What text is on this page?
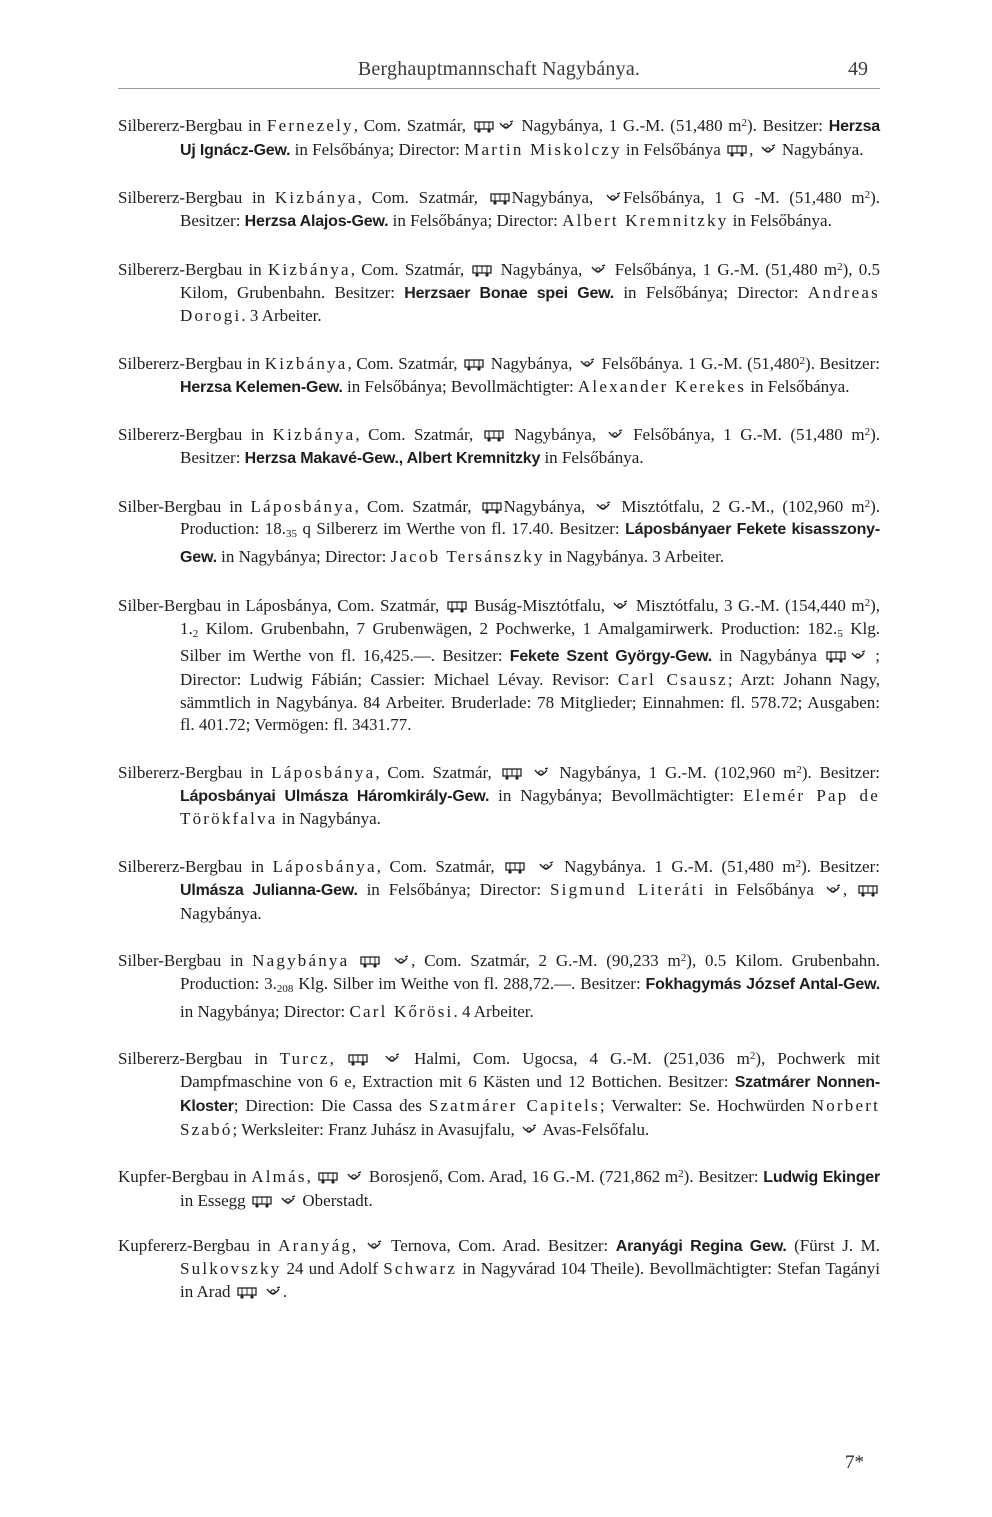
Berghauptmannschaft Nagybánya.	49

Silbererz-Bergbau in Fernezely, Com. Szatmár,	Nagybánya, 1 G.-M. (51,480 $m^2$). Besitzer: Herzsa Uj Ignácz-Gew. in Felsőbánya; Director: Martin Miskolczy in Felsőbánya ,  Nagybánya.

Silbererz-Bergbau in Kizbánya, Com. Szatmár, Nagybánya, Felsőbánya, 1 G -M. (51,480 $m^2$). Besitzer: Herzsa Alajos-Gew. in Felsőbánya; Director: Albert Kremnitzky in Felsőbánya.

Silbererz-Bergbau in Kizbánya, Com. Szatmár,  Nagybánya,  Felsőbánya, 1 G.-M. (51,480 $m^2$), 0.5 Kilom, Grubenbahn. Besitzer: Herzsaer Bonae spei Gew. in Felsőbánya; Director: Andreas Dorogi. 3 Arbeiter.

Silbererz-Bergbau in Kizbánya, Com. Szatmár,  Nagybánya,  Felsőbánya. 1 G.-M. (51,480$^2$). Besitzer: Herzsa Kelemen-Gew. in Felsőbánya; Bevollmächtigter: Alexander Kerekes in Felsőbánya.

Silbererz-Bergbau in Kizbánya, Com. Szatmár,  Nagybánya,  Felsőbánya, 1 G.-M. (51,480 $m^2$). Besitzer: Herzsa Makavé-Gew., Albert Kremnitzky in Felsőbánya.

Silber-Bergbau in Láposbánya, Com. Szatmár, Nagybánya,  Misztótfalu, 2 G.-M., (102,960 $m^2$). Production: $18._{35}$ q Silbererz im Werthe von fl. 17.40. Besitzer: Láposbányaer Fekete kisasszony-Gew. in Nagybánya; Director: Jacob Tersánszky in Nagybánya. 3 Arbeiter.

Silber-Bergbau in Láposbánya, Com. Szatmár,  Buság-Misztótfalu,  Misztótfalu, 3 G.-M. (154,440 $m^2$), $1._2$ Kilom. Grubenbahn, 7 Grubenwägen, 2 Pochwerke, 1 Amalgamirwerk. Production: $182._5$ Klg. Silber im Werthe von fl. 16,425.—. Besitzer: Fekete Szent György-Gew. in Nagybánya	; Director: Ludwig Fábián; Cassier: Michael Lévay. Revisor: Carl Csausz; Arzt: Johann Nagy, sämmtlich in Nagybánya. 84 Arbeiter. Bruderlade: 78 Mitglieder; Einnahmen: fl. 578.72; Ausgaben: fl. 401.72; Vermögen: fl. 3431.77.

Silbererz-Bergbau in Láposbánya, Com. Szatmár,	Nagybánya, 1 G.-M. (102,960 $m^2$). Besitzer: Láposbányai Ulmásza Háromkirály-Gew. in Nagybánya; Bevollmächtigter: Elemér Pap de Törökfalva in Nagybánya.

Silbererz-Bergbau in Láposbánya, Com. Szatmár,	Nagybánya. 1 G.-M. (51,480 $m^2$). Besitzer: Ulmásza Julianna-Gew. in Felsőbánya; Director: Sigmund Literáti in Felsőbánya ,  Nagybánya.

Silber-Bergbau in Nagybánya	, Com. Szatmár, 2 G.-M. (90,233 $m^2$), 0.5 Kilom. Grubenbahn. Production: $3._{208}$ Klg. Silber im Weithe von fl. 288,72.—. Besitzer: Fokhagymás József Antal-Gew. in Nagybánya; Director: Carl Kőrösi. 4 Arbeiter.

Silbererz-Bergbau in Turcz,	Halmi, Com. Ugocsa, 4 G.-M. (251,036 $m^2$), Pochwerk mit Dampfmaschine von 6 e, Extraction mit 6 Kästen und 12 Bottichen. Besitzer: Szatmárer Nonnen-Kloster; Direction: Die Cassa des Szatmárer Capitels; Verwalter: Se. Hochwürden Norbert Szabó; Werksleiter: Franz Juhász in Avasujfalu,  Avas-Felsőfalu.

Kupfer-Bergbau in Almás,	Borosjenő, Com. Arad, 16 G.-M. (721,862 $m^2$). Besitzer: Ludwig Ekinger in Essegg	Oberstadt.

Kupfererz-Bergbau in Aranyág,  Ternova, Com. Arad. Besitzer: Aranyági Regina Gew. (Fürst J. M. Sulkovszky 24 und Adolf Schwarz in Nagyvárad 104 Theile). Bevollmächtigter: Stefan Tagányi in Arad	.

7*
